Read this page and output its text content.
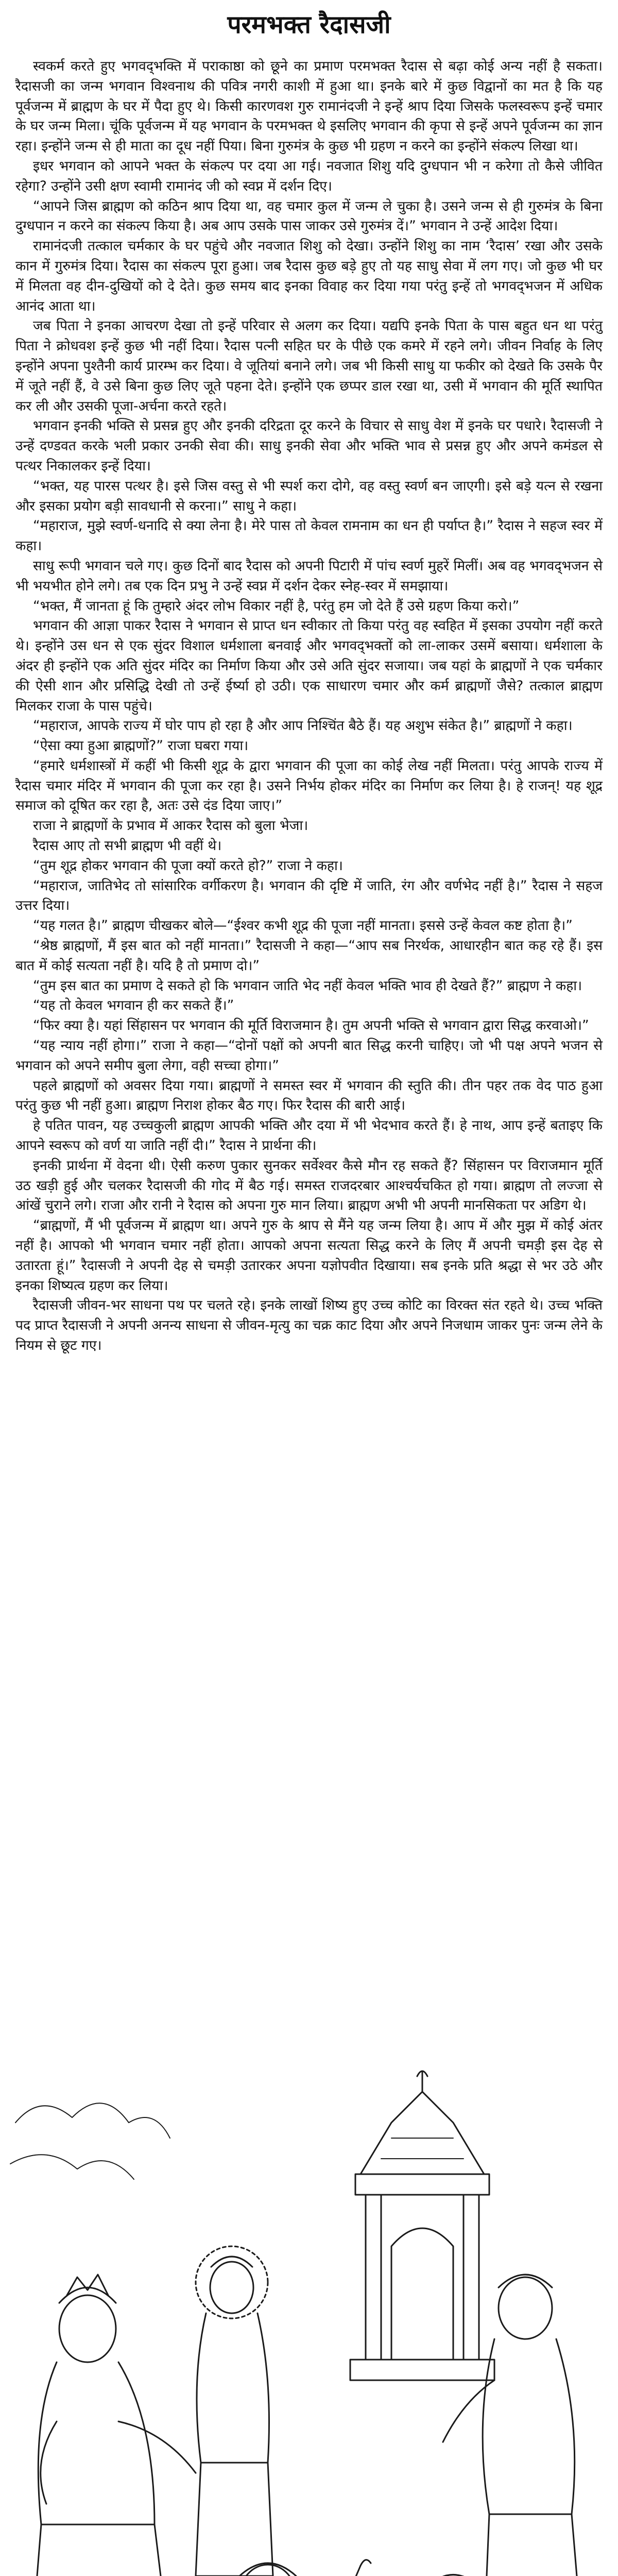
परमभक्त रैदासजी

स्वकर्म करते हुए भगवद्‍भक्ति में पराकाष्ठा को छूने का प्रमाण परमभक्त रैदास से बढ़ा कोई अन्य नहीं है सकता। रैदासजी का जन्म भगवान विश्वनाथ की पवित्र नगरी काशी में हुआ था। इनके बारे में कुछ विद्वानों का मत है कि यह पूर्वजन्म में ब्राह्मण के घर में पैदा हुए थे। किसी कारणवश गुरु रामानंदजी ने इन्हें श्राप दिया जिसके फलस्वरूप इन्हें चमार के घर जन्म मिला। चूंकि पूर्वजन्म में यह भगवान के परमभक्त थे इसलिए भगवान की कृपा से इन्हें अपने पूर्वजन्म का ज्ञान रहा। इन्होंने जन्म से ही माता का दूध नहीं पिया। बिना गुरुमंत्र के कुछ भी ग्रहण न करने का इन्होंने संकल्प लिखा था।

इधर भगवान को आपने भक्त के संकल्प पर दया आ गई। नवजात शिशु यदि दुग्धपान भी न करेगा तो कैसे जीवित रहेगा? उन्होंने उसी क्षण स्वामी रामानंद जी को स्वप्न में दर्शन दिए।

“आपने जिस ब्राह्मण को कठिन श्राप दिया था, वह चमार कुल में जन्म ले चुका है। उसने जन्म से ही गुरुमंत्र के बिना दुग्धपान न करने का संकल्प किया है। अब आप उसके पास जाकर उसे गुरुमंत्र दें।” भगवान ने उन्हें आदेश दिया।

रामानंदजी तत्काल चर्मकार के घर पहुंचे और नवजात शिशु को देखा। उन्होंने शिशु का नाम ‘रैदास’ रखा और उसके कान में गुरुमंत्र दिया। रैदास का संकल्प पूरा हुआ। जब रैदास कुछ बड़े हुए तो यह साधु सेवा में लग गए। जो कुछ भी घर में मिलता वह दीन-दुखियों को दे देते। कुछ समय बाद इनका विवाह कर दिया गया परंतु इन्हें तो भगवद्‍भजन में अधिक आनंद आता था।

जब पिता ने इनका आचरण देखा तो इन्हें परिवार से अलग कर दिया। यद्यपि इनके पिता के पास बहुत धन था परंतु पिता ने क्रोधवश इन्हें कुछ भी नहीं दिया। रैदास पत्नी सहित घर के पीछे एक कमरे में रहने लगे। जीवन निर्वाह के लिए इन्होंने अपना पुश्तैनी कार्य प्रारम्भ कर दिया। वे जूतियां बनाने लगे। जब भी किसी साधु या फकीर को देखते कि उसके पैर में जूते नहीं हैं, वे उसे बिना कुछ लिए जूते पहना देते। इन्होंने एक छप्पर डाल रखा था, उसी में भगवान की मूर्ति स्थापित कर ली और उसकी पूजा-अर्चना करते रहते।

भगवान इनकी भक्ति से प्रसन्न हुए और इनकी दरिद्रता दूर करने के विचार से साधु वेश में इनके घर पधारे। रैदासजी ने उन्हें दण्डवत करके भली प्रकार उनकी सेवा की। साधु इनकी सेवा और भक्ति भाव से प्रसन्न हुए और अपने कमंडल से पत्थर निकालकर इन्हें दिया।

“भक्त, यह पारस पत्थर है। इसे जिस वस्तु से भी स्पर्श करा दोगे, वह वस्तु स्वर्ण बन जाएगी। इसे बड़े यत्न से रखना और इसका प्रयोग बड़ी सावधानी से करना।” साधु ने कहा।

“महाराज, मुझे स्वर्ण-धनादि से क्या लेना है। मेरे पास तो केवल रामनाम का धन ही पर्याप्त है।” रैदास ने सहज स्वर में कहा।

साधु रूपी भगवान चले गए। कुछ दिनों बाद रैदास को अपनी पिटारी में पांच स्वर्ण मुहरें मिलीं। अब वह भगवद्‍भजन से भी भयभीत होने लगे। तब एक दिन प्रभु ने उन्हें स्वप्न में दर्शन देकर स्नेह-स्वर में समझाया।

“भक्त, मैं जानता हूं कि तुम्हारे अंदर लोभ विकार नहीं है, परंतु हम जो देते हैं उसे ग्रहण किया करो।”

भगवान की आज्ञा पाकर रैदास ने भगवान से प्राप्त धन स्वीकार तो किया परंतु वह स्वहित में इसका उपयोग नहीं करते थे। इन्होंने उस धन से एक सुंदर विशाल धर्मशाला बनवाई और भगवद्‍भक्तों को ला-लाकर उसमें बसाया। धर्मशाला के अंदर ही इन्होंने एक अति सुंदर मंदिर का निर्माण किया और उसे अति सुंदर सजाया। जब यहां के ब्राह्मणों ने एक चर्मकार की ऐसी शान और प्रसिद्धि देखी तो उन्हें ईर्ष्या हो उठी। एक साधारण चमार और कर्म ब्राह्मणों जैसे? तत्काल ब्राह्मण मिलकर राजा के पास पहुंचे।

“महाराज, आपके राज्य में घोर पाप हो रहा है और आप निश्चिंत बैठे हैं। यह अशुभ संकेत है।” ब्राह्मणों ने कहा।

“ऐसा क्या हुआ ब्राह्मणों?” राजा घबरा गया।

“हमारे धर्मशास्त्रों में कहीं भी किसी शूद्र के द्वारा भगवान की पूजा का कोई लेख नहीं मिलता। परंतु आपके राज्य में रैदास चमार मंदिर में भगवान की पूजा कर रहा है। उसने निर्भय होकर मंदिर का निर्माण कर लिया है। हे राजन्! यह शूद्र समाज को दूषित कर रहा है, अतः उसे दंड दिया जाए।”

राजा ने ब्राह्मणों के प्रभाव में आकर रैदास को बुला भेजा।

रैदास आए तो सभी ब्राह्मण भी वहीं थे।

“तुम शूद्र होकर भगवान की पूजा क्यों करते हो?” राजा ने कहा।

“महाराज, जातिभेद तो सांसारिक वर्गीकरण है। भगवान की दृष्टि में जाति, रंग और वर्णभेद नहीं है।” रैदास ने सहज उत्तर दिया।

“यह गलत है।” ब्राह्मण चीखकर बोले—“ईश्वर कभी शूद्र की पूजा नहीं मानता। इससे उन्हें केवल कष्ट होता है।”

“श्रेष्ठ ब्राह्मणों, मैं इस बात को नहीं मानता।” रैदासजी ने कहा—“आप सब निरर्थक, आधारहीन बात कह रहे हैं। इस बात में कोई सत्यता नहीं है। यदि है तो प्रमाण दो।”

“तुम इस बात का प्रमाण दे सकते हो कि भगवान जाति भेद नहीं केवल भक्ति भाव ही देखते हैं?” ब्राह्मण ने कहा।

“यह तो केवल भगवान ही कर सकते हैं।”

“फिर क्या है। यहां सिंहासन पर भगवान की मूर्ति विराजमान है। तुम अपनी भक्ति से भगवान द्वारा सिद्ध करवाओ।”

“यह न्याय नहीं होगा।” राजा ने कहा—“दोनों पक्षों को अपनी बात सिद्ध करनी चाहिए। जो भी पक्ष अपने भजन से भगवान को अपने समीप बुला लेगा, वही सच्चा होगा।”

पहले ब्राह्मणों को अवसर दिया गया। ब्राह्मणों ने समस्त स्वर में भगवान की स्तुति की। तीन पहर तक वेद पाठ हुआ परंतु कुछ भी नहीं हुआ। ब्राह्मण निराश होकर बैठ गए। फिर रैदास की बारी आई।

हे पतित पावन, यह उच्चकुली ब्राह्मण आपकी भक्ति और दया में भी भेदभाव करते हैं। हे नाथ, आप इन्हें बताइए कि आपने स्वरूप को वर्ण या जाति नहीं दी।” रैदास ने प्रार्थना की।

इनकी प्रार्थना में वेदना थी। ऐसी करुण पुकार सुनकर सर्वेश्वर कैसे मौन रह सकते हैं? सिंहासन पर विराजमान मूर्ति उठ खड़ी हुई और चलकर रैदासजी की गोद में बैठ गई। समस्त राजदरबार आश्चर्यचकित हो गया। ब्राह्मण तो लज्जा से आंखें चुराने लगे। राजा और रानी ने रैदास को अपना गुरु मान लिया। ब्राह्मण अभी भी अपनी मानसिकता पर अडिग थे।

“ब्राह्मणों, मैं भी पूर्वजन्म में ब्राह्मण था। अपने गुरु के श्राप से मैंने यह जन्म लिया है। आप में और मुझ में कोई अंतर नहीं है। आपको भी भगवान चमार नहीं होता। आपको अपना सत्यता सिद्ध करने के लिए मैं अपनी चमड़ी इस देह से उतारता हूं।” रैदासजी ने अपनी देह से चमड़ी उतारकर अपना यज्ञोपवीत दिखाया। सब इनके प्रति श्रद्धा से भर उठे और इनका शिष्यत्व ग्रहण कर लिया।

रैदासजी जीवन-भर साधना पथ पर चलते रहे। इनके लाखों शिष्य हुए उच्च कोटि का विरक्त संत रहते थे। उच्च भक्ति पद प्राप्त रैदासजी ने अपनी अनन्य साधना से जीवन-मृत्यु का चक्र काट दिया और अपने निजधाम जाकर पुनः जन्म लेने के नियम से छूट गए।
